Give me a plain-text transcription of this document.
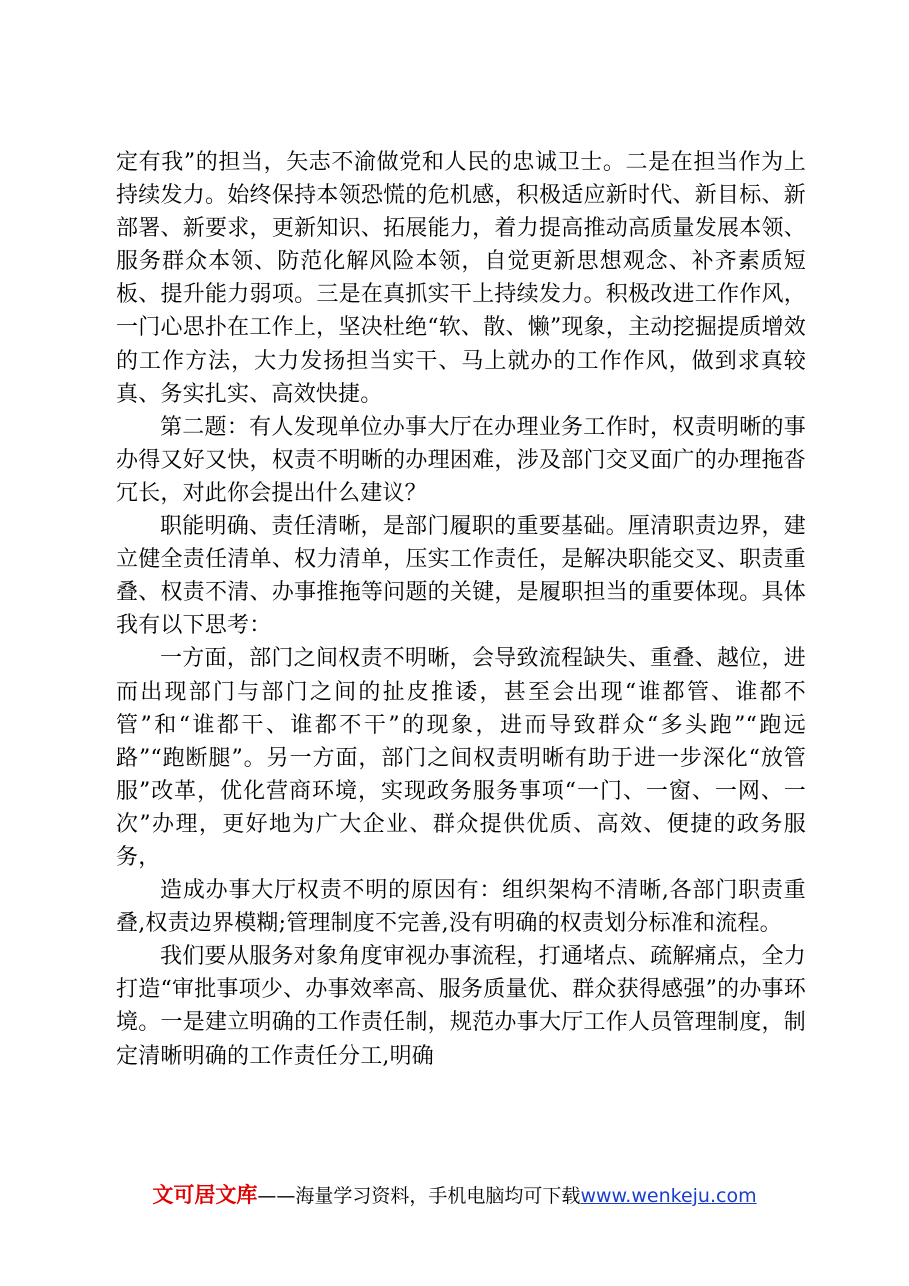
定有我”的担当，矢志不渝做党和人民的忠诚卫士。二是在担当作为上持续发力。始终保持本领恐慌的危机感，积极适应新时代、新目标、新部署、新要求，更新知识、拓展能力，着力提高推动高质量发展本领、服务群众本领、防范化解风险本领，自觉更新思想观念、补齐素质短板、提升能力弱项。三是在真抓实干上持续发力。积极改进工作作风，一门心思扑在工作上，坚决杜绝“软、散、懒”现象，主动挖掘提质增效的工作方法，大力发扬担当实干、马上就办的工作作风，做到求真较真、务实扎实、高效快捷。

第二题：有人发现单位办事大厅在办理业务工作时，权责明晰的事办得又好又快，权责不明晰的办理困难，涉及部门交叉面广的办理拖沓冗长，对此你会提出什么建议？

职能明确、责任清晰，是部门履职的重要基础。厘清职责边界，建立健全责任清单、权力清单，压实工作责任，是解决职能交叉、职责重叠、权责不清、办事推拖等问题的关键，是履职担当的重要体现。具体我有以下思考：

一方面，部门之间权责不明晰，会导致流程缺失、重叠、越位，进而出现部门与部门之间的扯皮推诿，甚至会出现“谁都管、谁都不管”和“谁都干、谁都不干”的现象，进而导致群众“多头跑”“跑远路”“跑断腿”。另一方面，部门之间权责明晰有助于进一步深化“放管服”改革，优化营商环境，实现政务服务事项“一门、一窗、一网、一次”办理，更好地为广大企业、群众提供优质、高效、便捷的政务服务，

造成办事大厅权责不明的原因有：组织架构不清晰,各部门职责重叠,权责边界模糊;管理制度不完善,没有明确的权责划分标准和流程。

我们要从服务对象角度审视办事流程，打通堵点、疏解痛点，全力打造“审批事项少、办事效率高、服务质量优、群众获得感强”的办事环境。一是建立明确的工作责任制，规范办事大厅工作人员管理制度，制定清晰明确的工作责任分工,明确

文可居文库——海量学习资料，手机电脑均可下载www.wenkeju.com
